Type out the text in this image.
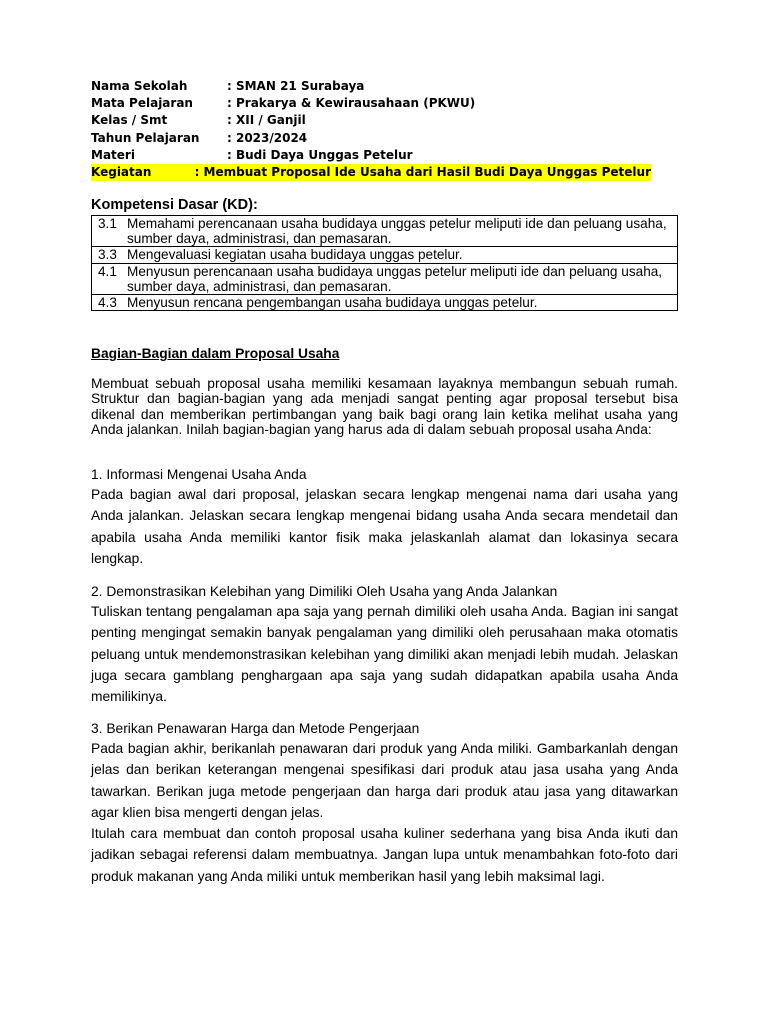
Nama Sekolah	: SMAN 21 Surabaya
Mata Pelajaran	: Prakarya & Kewirausahaan (PKWU)
Kelas / Smt	: XII / Ganjil
Tahun Pelajaran	: 2023/2024
Materi	: Budi Daya Unggas Petelur
Kegiatan	: Membuat Proposal Ide Usaha dari Hasil Budi Daya Unggas Petelur
Kompetensi Dasar (KD):
3.1 Memahami perencanaan usaha budidaya unggas petelur meliputi ide dan peluang usaha, sumber daya, administrasi, dan pemasaran.

3.3 Mengevaluasi kegiatan usaha budidaya unggas petelur.

4.1 Menyusun perencanaan usaha budidaya unggas petelur meliputi ide dan peluang usaha, sumber daya, administrasi, dan pemasaran.

4.3 Menyusun rencana pengembangan usaha budidaya unggas petelur.
Bagian-Bagian dalam Proposal Usaha
Membuat sebuah proposal usaha memiliki kesamaan layaknya membangun sebuah rumah. Struktur dan bagian-bagian yang ada menjadi sangat penting agar proposal tersebut bisa dikenal dan memberikan pertimbangan yang baik bagi orang lain ketika melihat usaha yang Anda jalankan. Inilah bagian-bagian yang harus ada di dalam sebuah proposal usaha Anda:
1. Informasi Mengenai Usaha Anda
Pada bagian awal dari proposal, jelaskan secara lengkap mengenai nama dari usaha yang Anda jalankan. Jelaskan secara lengkap mengenai bidang usaha Anda secara mendetail dan apabila usaha Anda memiliki kantor fisik maka jelaskanlah alamat dan lokasinya secara lengkap.
2. Demonstrasikan Kelebihan yang Dimiliki Oleh Usaha yang Anda Jalankan
Tuliskan tentang pengalaman apa saja yang pernah dimiliki oleh usaha Anda. Bagian ini sangat penting mengingat semakin banyak pengalaman yang dimiliki oleh perusahaan maka otomatis peluang untuk mendemonstrasikan kelebihan yang dimiliki akan menjadi lebih mudah. Jelaskan juga secara gamblang penghargaan apa saja yang sudah didapatkan apabila usaha Anda memilikinya.
3. Berikan Penawaran Harga dan Metode Pengerjaan
Pada bagian akhir, berikanlah penawaran dari produk yang Anda miliki. Gambarkanlah dengan jelas dan berikan keterangan mengenai spesifikasi dari produk atau jasa usaha yang Anda tawarkan. Berikan juga metode pengerjaan dan harga dari produk atau jasa yang ditawarkan agar klien bisa mengerti dengan jelas.
Itulah cara membuat dan contoh proposal usaha kuliner sederhana yang bisa Anda ikuti dan jadikan sebagai referensi dalam membuatnya. Jangan lupa untuk menambahkan foto-foto dari produk makanan yang Anda miliki untuk memberikan hasil yang lebih maksimal lagi.
